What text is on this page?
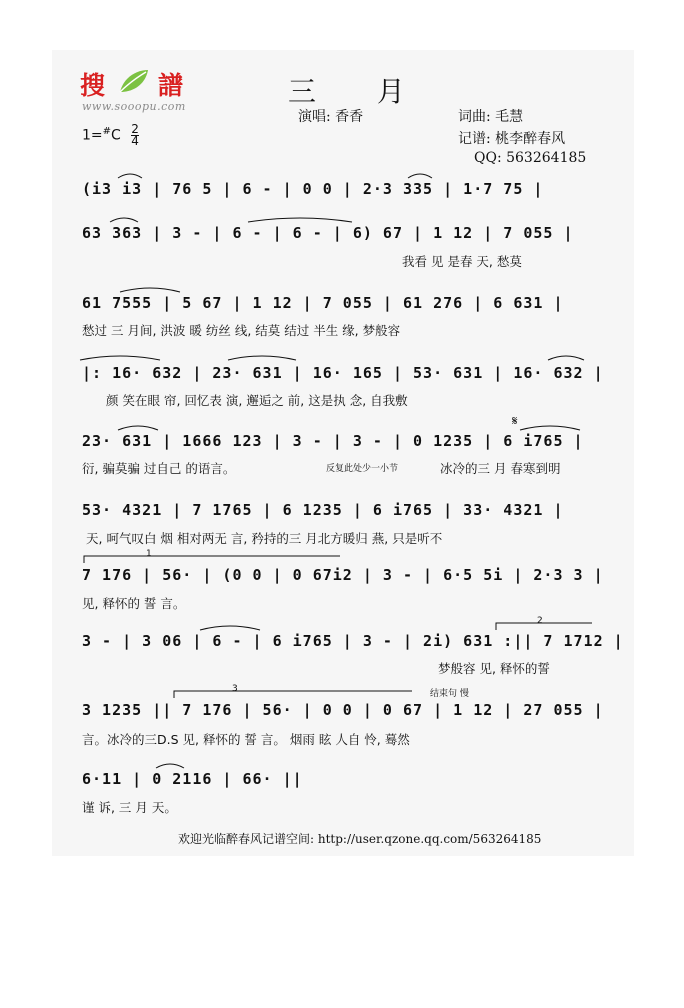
搜 譜
www.sooopu.com	三 月
演唱: 香香	词曲: 毛慧
记谱: 桃李醉春风
QQ: 563264185
$1=^{\#}C \frac{2}{4}$
(i3 i3 | 76 5 | 6 - | 0 0 | 2·3 335 | 1·7 75 |
63 363 | 3 - | 6 - | 6 - | 6) 67 | 1 12 | 7 055 |
我看 见 是春 天, 愁莫
61 7555 | 5 67 | 1 12 | 7 055 | 61 276 | 6 631 |
愁过 三 月间, 洪波 暖 纺丝 线, 结莫 结过 半生 缘, 梦般容
|: 16· 632 | 23· 631 | 16· 165 | 53· 631 | 16· 632 |
颜 笑在眼 帘, 回忆表 演, 邂逅之 前, 这是执 念, 自我敷
23· 631 | 1666 123 | 3 - | 3 - | 0 1235 | 6 i765 |
衍, 骗莫骗 过自己 的语言。	反复此处少一小节	冰冷的三 月 春寒到明
𝄋
53· 4321 | 7 1765 | 6 1235 | 6 i765 | 33· 4321 |
天, 呵气叹白 烟 相对两无 言, 矜持的三 月北方暖归 燕, 只是听不
7 176 | 56· | (0 0 | 0 67i2 | 3 - | 6·5 5i | 2·3 3 |
见, 释怀的 誓 言。
3 - | 3 06 | 6 - | 6 i765 | 3 - | 2i) 631 :|| 7 1712 |
梦般容 见, 释怀的誓
3 1235 || 7 176 | 56· | 0 0 | 0 67 | 1 12 | 27 055 |
言。冰冷的三D.S 见, 释怀的 誓 言。 烟雨 眩 人自 怜, 蓦然
结束句 慢
6·11 | 0 2116 | 66· ||
谨 诉, 三 月 天。
1
2
3
欢迎光临醉春风记谱空间: http://user.qzone.qq.com/563264185
